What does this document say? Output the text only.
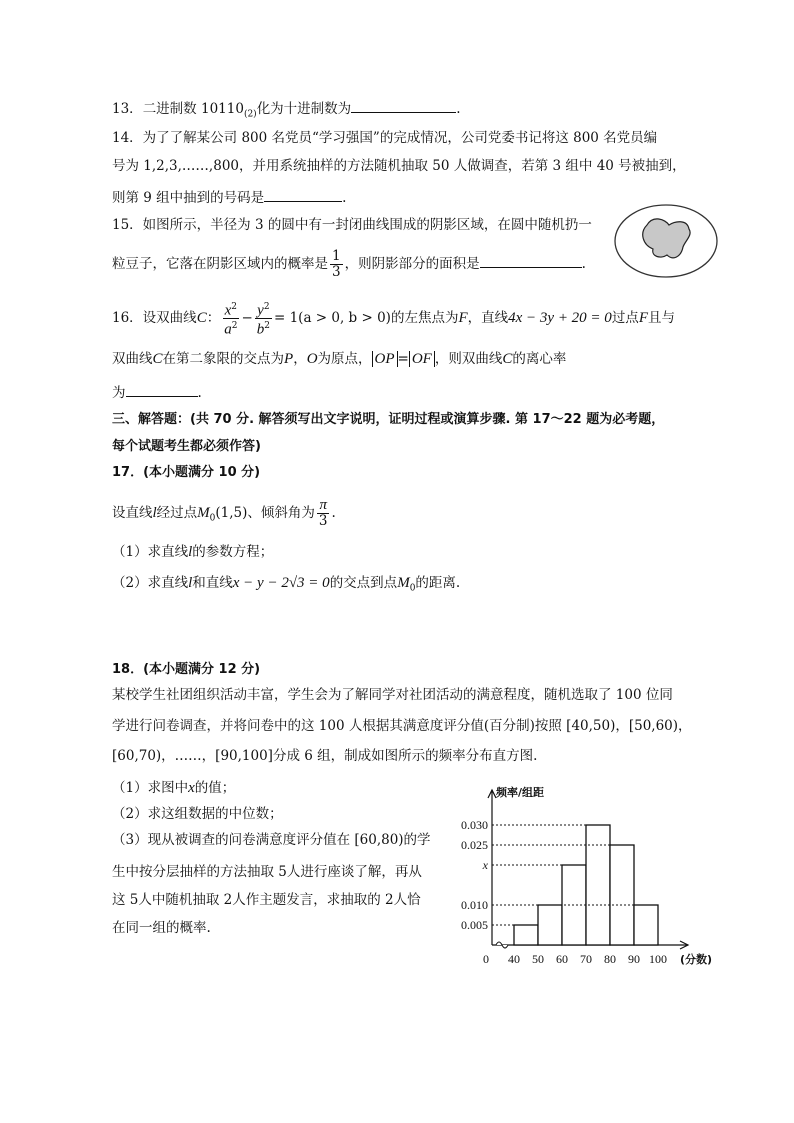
13．二进制数 $10110_{(2)}$化为十进制数为	.
14．为了了解某公司 800 名党员“学习强国”的完成情况，公司党委书记将这 800 名党员编
号为 1,2,3,……,800，并用系统抽样的方法随机抽取 50 人做调查，若第 3 组中 40 号被抽到，
则第 9 组中抽到的号码是	.
15．如图所示，半径为 3 的圆中有一封闭曲线围成的阴影区域，在圆中随机扔一
粒豆子，它落在阴影区域内的概率是 $\frac{1}{3}$ ，则阴影部分的面积是	.
16．设双曲线C： $\frac{x^2}{a^2} - \frac{y^2}{b^2} = 1(a > 0$, b > 0)的左焦点为F，直线4x − 3y + 20 = 0过点F且与
双曲线C在第二象限的交点为P，O为原点， OP = OF ，则双曲线C的离心率
为	.
三、解答题：(共 70 分. 解答须写出文字说明，证明过程或演算步骤. 第 17～22 题为必考题，
每个试题考生都必须作答)
17．(本小题满分 10 分)
设直线l经过点$M_0(1,5)$、倾斜角为 $\frac{\pi}{3}$ .
（1）求直线l的参数方程；
（2）求直线l和直线x − y − 2√3 = 0的交点到点$M_0$的距离.
18．(本小题满分 12 分)
某校学生社团组织活动丰富，学生会为了解同学对社团活动的满意程度，随机选取了 100 位同
学进行问卷调查，并将问卷中的这 100 人根据其满意度评分值(百分制)按照 [40,50)，[50,60)，
[60,70)，……，[90,100]分成 6 组，制成如图所示的频率分布直方图.
（1）求图中x的值；
（2）求这组数据的中位数；
（3）现从被调查的问卷满意度评分值在 [60,80)的学
生中按分层抽样的方法抽取 5人进行座谈了解，再从
这 5人中随机抽取 2人作主题发言，求抽取的 2人恰
在同一组的概率.
频率/组距
0.030
0.025
x
0.010
0.005
0 40 50 60 70 80 90 100 (分数)
